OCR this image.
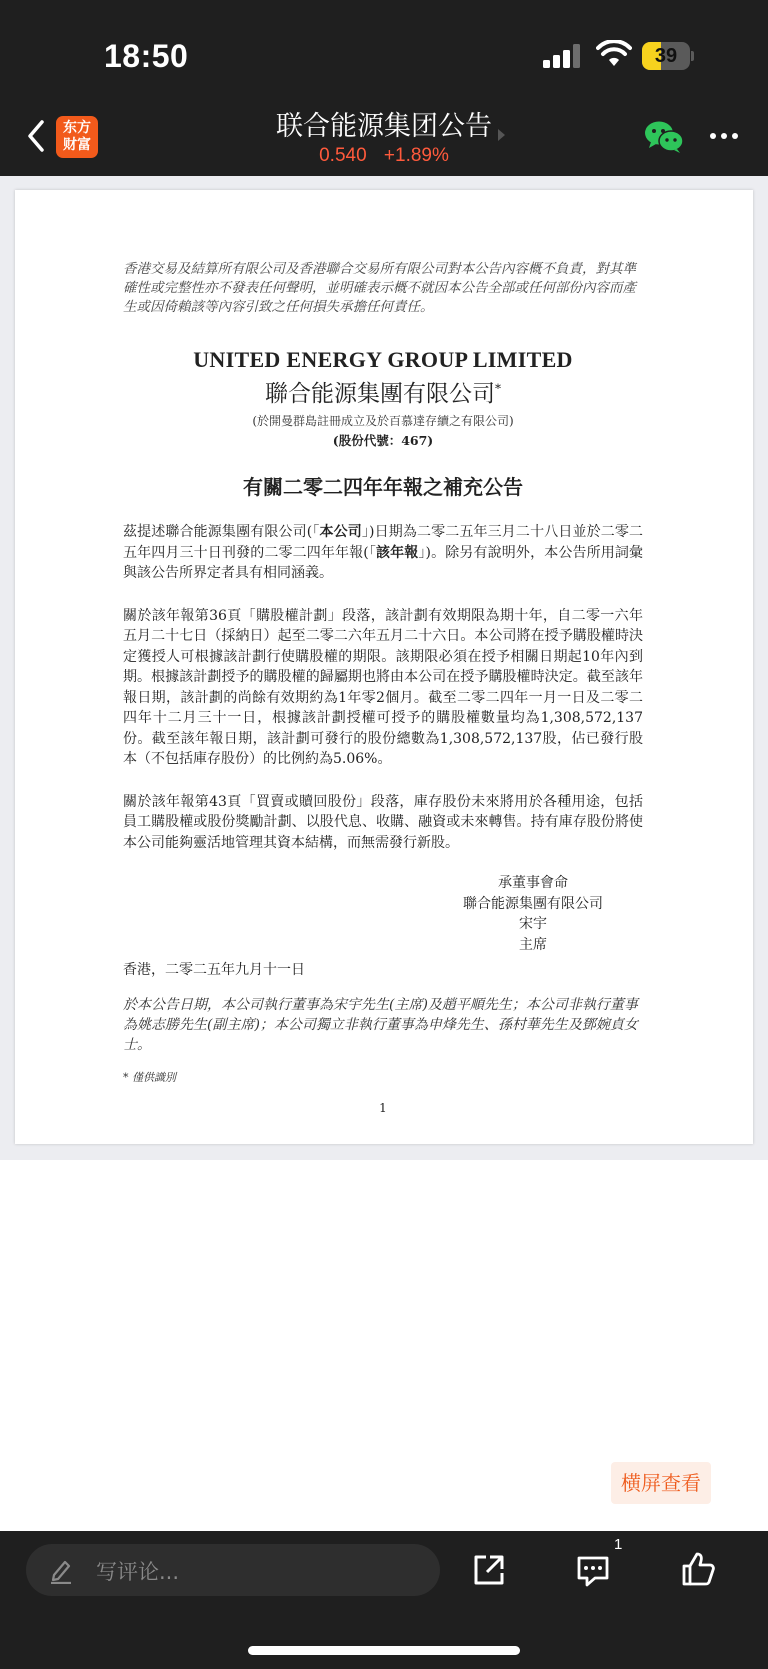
18:50	39
东方
财富
联合能源集团公告
0.540 +1.89%
香港交易及結算所有限公司及香港聯合交易所有限公司對本公告內容概不負責，對其準確性或完整性亦不發表任何聲明，並明確表示概不就因本公告全部或任何部份內容而產生或因倚賴該等內容引致之任何損失承擔任何責任。
UNITED ENERGY GROUP LIMITED
聯合能源集團有限公司*
(於開曼群島註冊成立及於百慕達存續之有限公司)
(股份代號：467)
有關二零二四年年報之補充公告
茲提述聯合能源集團有限公司(「本公司」)日期為二零二五年三月二十八日並於二零二五年四月三十日刊發的二零二四年年報(「該年報」)。除另有說明外，本公告所用詞彙與該公告所界定者具有相同涵義。
關於該年報第36頁「購股權計劃」段落，該計劃有效期限為期十年，自二零一六年五月二十七日（採納日）起至二零二六年五月二十六日。本公司將在授予購股權時決定獲授人可根據該計劃行使購股權的期限。該期限必須在授予相關日期起10年內到期。根據該計劃授予的購股權的歸屬期也將由本公司在授予購股權時決定。截至該年報日期，該計劃的尚餘有效期約為1年零2個月。截至二零二四年一月一日及二零二四年十二月三十一日，根據該計劃授權可授予的購股權數量均為1,308,572,137份。截至該年報日期，該計劃可發行的股份總數為1,308,572,137股，佔已發行股本（不包括庫存股份）的比例約為5.06%。
關於該年報第43頁「買賣或贖回股份」段落，庫存股份未來將用於各種用途，包括員工購股權或股份獎勵計劃、以股代息、收購、融資或未來轉售。持有庫存股份將使本公司能夠靈活地管理其資本結構，而無需發行新股。
承董事會命
聯合能源集團有限公司
宋宇
主席
香港，二零二五年九月十一日
於本公告日期，本公司執行董事為宋宇先生(主席)及趙平順先生；本公司非執行董事為姚志勝先生(副主席)；本公司獨立非執行董事為申烽先生、孫村華先生及鄧婉貞女士。
* 僅供識別
1
横屏查看
写评论...
1
